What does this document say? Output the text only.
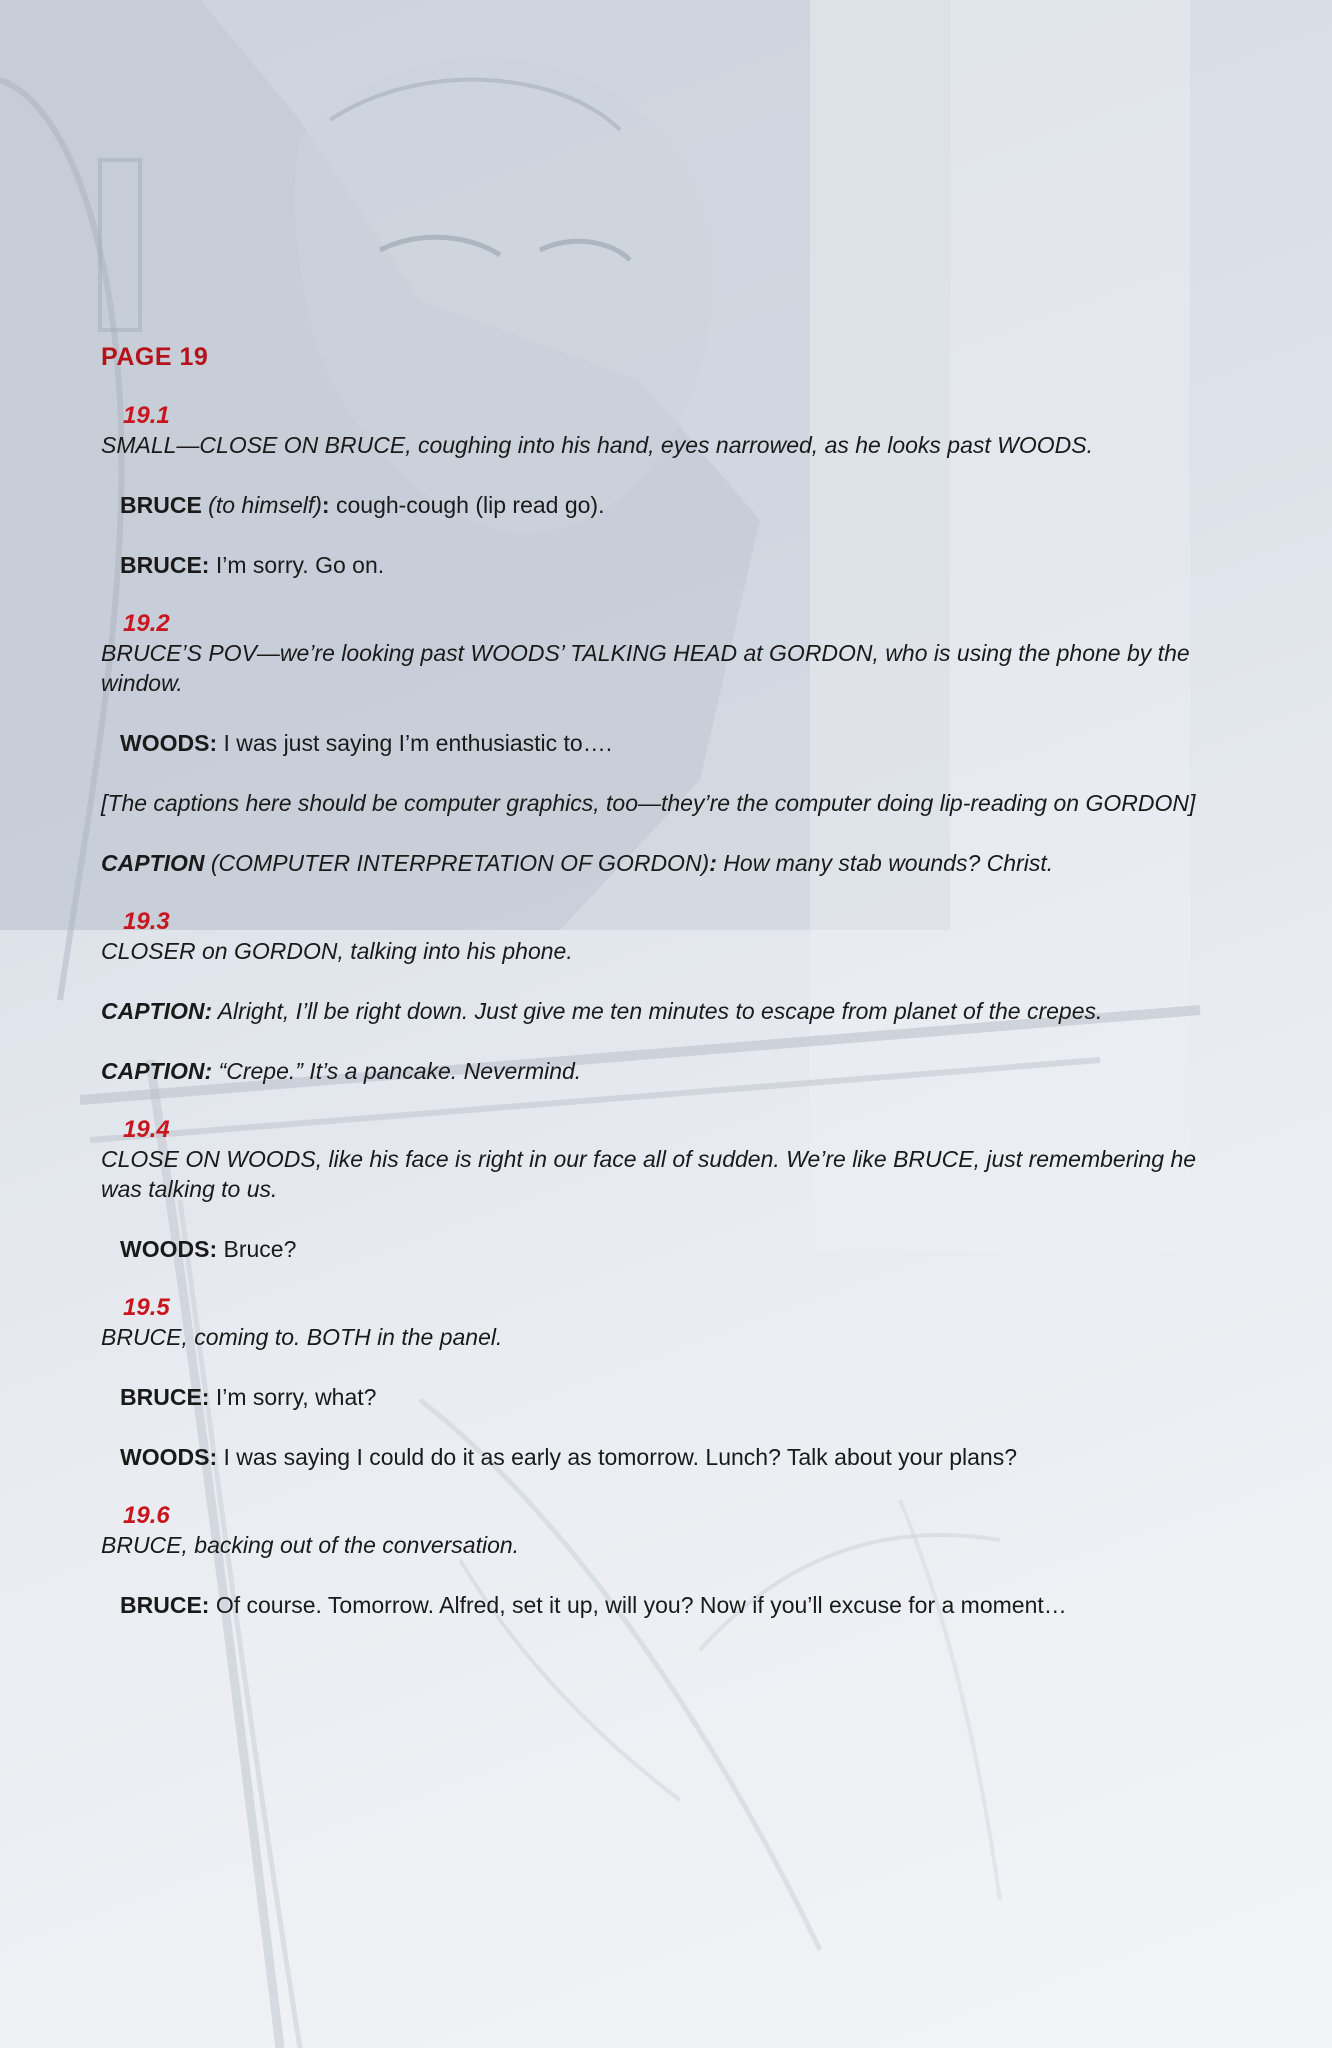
PAGE 19
19.1
SMALL—CLOSE ON BRUCE, coughing into his hand, eyes narrowed, as he looks past WOODS.
BRUCE (to himself): cough-cough (lip read go).
BRUCE: I’m sorry. Go on.
19.2
BRUCE’S POV—we’re looking past WOODS’ TALKING HEAD at GORDON, who is using the phone by the window.
WOODS: I was just saying I’m enthusiastic to….
[The captions here should be computer graphics, too—they’re the computer doing lip-reading on GORDON]
CAPTION (COMPUTER INTERPRETATION OF GORDON): How many stab wounds? Christ.
19.3
CLOSER on GORDON, talking into his phone.
CAPTION: Alright, I’ll be right down. Just give me ten minutes to escape from planet of the crepes.
CAPTION: “Crepe.” It’s a pancake. Nevermind.
19.4
CLOSE ON WOODS, like his face is right in our face all of sudden. We’re like BRUCE, just remembering he was talking to us.
WOODS: Bruce?
19.5
BRUCE, coming to. BOTH in the panel.
BRUCE: I’m sorry, what?
WOODS: I was saying I could do it as early as tomorrow. Lunch? Talk about your plans?
19.6
BRUCE, backing out of the conversation.
BRUCE: Of course. Tomorrow. Alfred, set it up, will you? Now if you’ll excuse for a moment…
